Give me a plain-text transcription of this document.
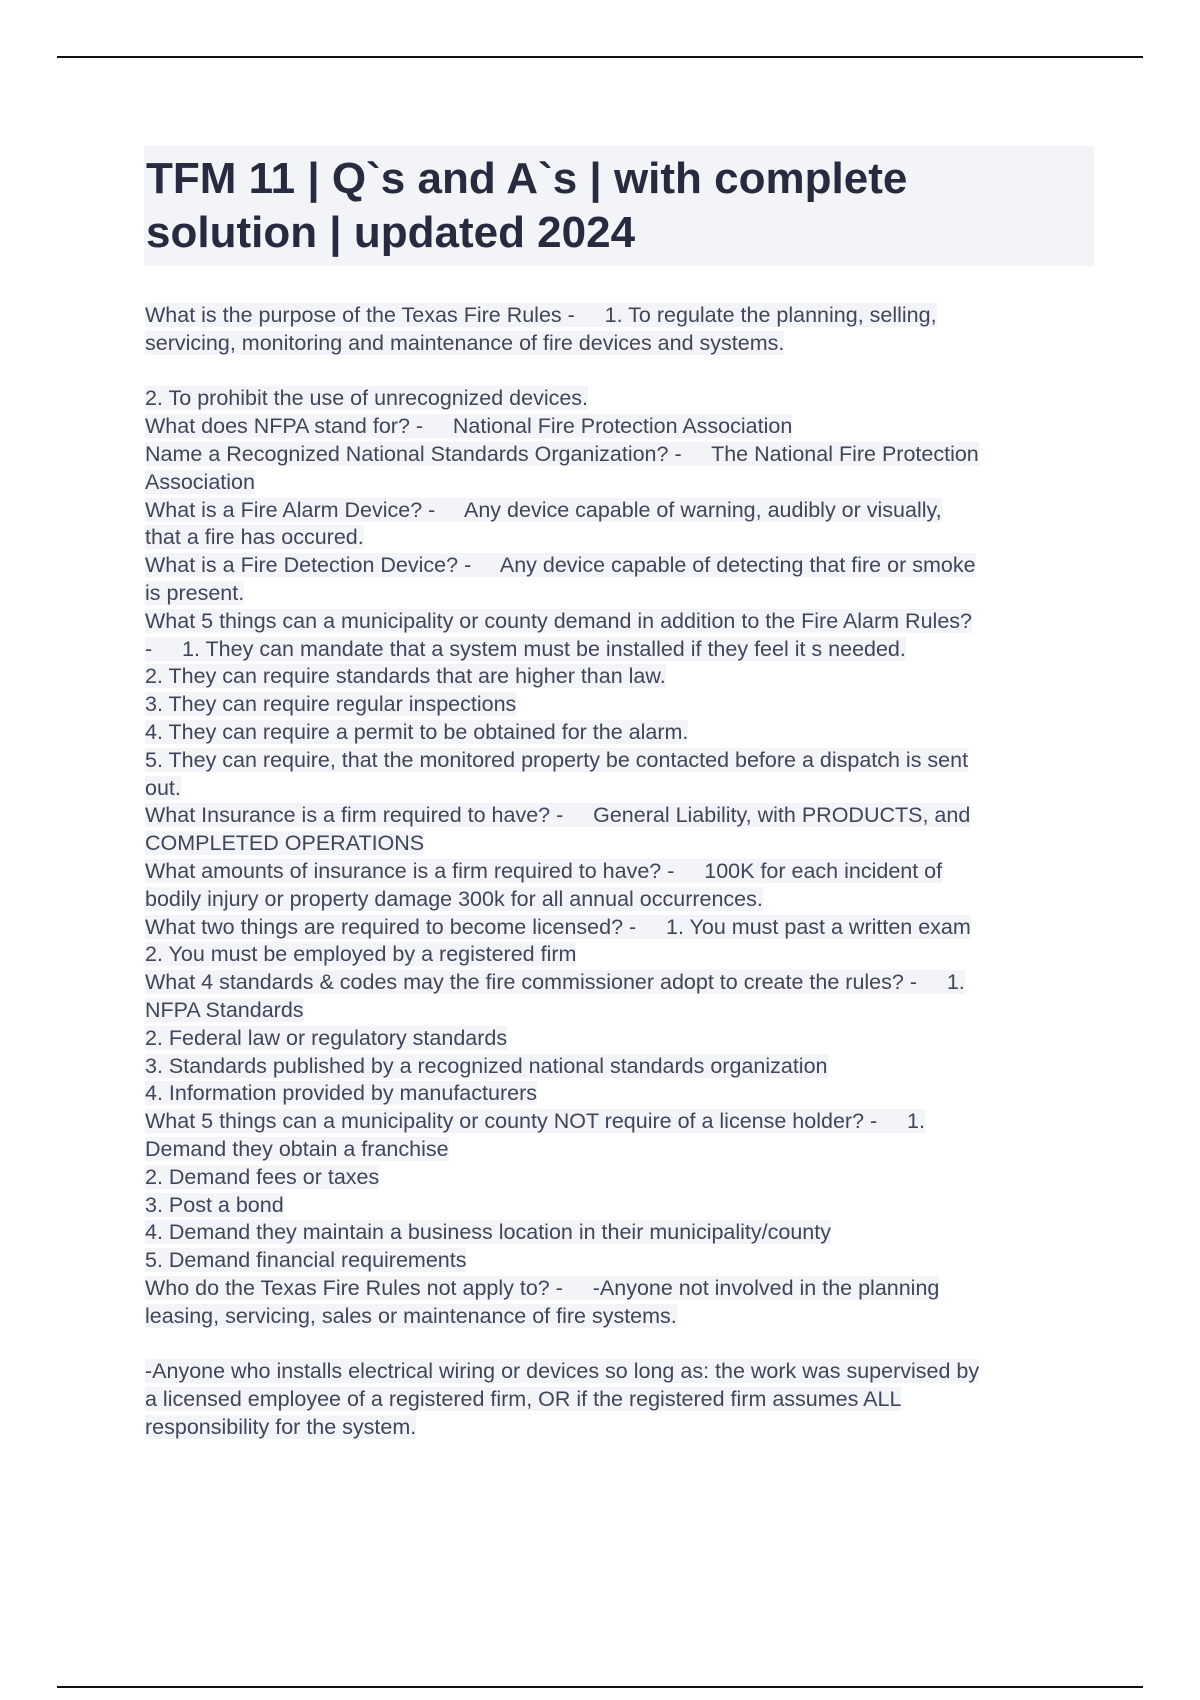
TFM 11 | Q`s and A`s | with complete
solution | updated 2024
What is the purpose of the Texas Fire Rules -     1. To regulate the planning, selling,
servicing, monitoring and maintenance of fire devices and systems.
2. To prohibit the use of unrecognized devices.
What does NFPA stand for? -     National Fire Protection Association
Name a Recognized National Standards Organization? -     The National Fire Protection
Association
What is a Fire Alarm Device? -     Any device capable of warning, audibly or visually,
that a fire has occured.
What is a Fire Detection Device? -     Any device capable of detecting that fire or smoke
is present.
What 5 things can a municipality or county demand in addition to the Fire Alarm Rules?
-     1. They can mandate that a system must be installed if they feel it s needed.
2. They can require standards that are higher than law.
3. They can require regular inspections
4. They can require a permit to be obtained for the alarm.
5. They can require, that the monitored property be contacted before a dispatch is sent
out.
What Insurance is a firm required to have? -     General Liability, with PRODUCTS, and
COMPLETED OPERATIONS
What amounts of insurance is a firm required to have? -     100K for each incident of
bodily injury or property damage 300k for all annual occurrences.
What two things are required to become licensed? -     1. You must past a written exam
2. You must be employed by a registered firm
What 4 standards & codes may the fire commissioner adopt to create the rules? -     1.
NFPA Standards
2. Federal law or regulatory standards
3. Standards published by a recognized national standards organization
4. Information provided by manufacturers
What 5 things can a municipality or county NOT require of a license holder? -     1.
Demand they obtain a franchise
2. Demand fees or taxes
3. Post a bond
4. Demand they maintain a business location in their municipality/county
5. Demand financial requirements
Who do the Texas Fire Rules not apply to? -     -Anyone not involved in the planning
leasing, servicing, sales or maintenance of fire systems.
-Anyone who installs electrical wiring or devices so long as: the work was supervised by
a licensed employee of a registered firm, OR if the registered firm assumes ALL
responsibility for the system.
